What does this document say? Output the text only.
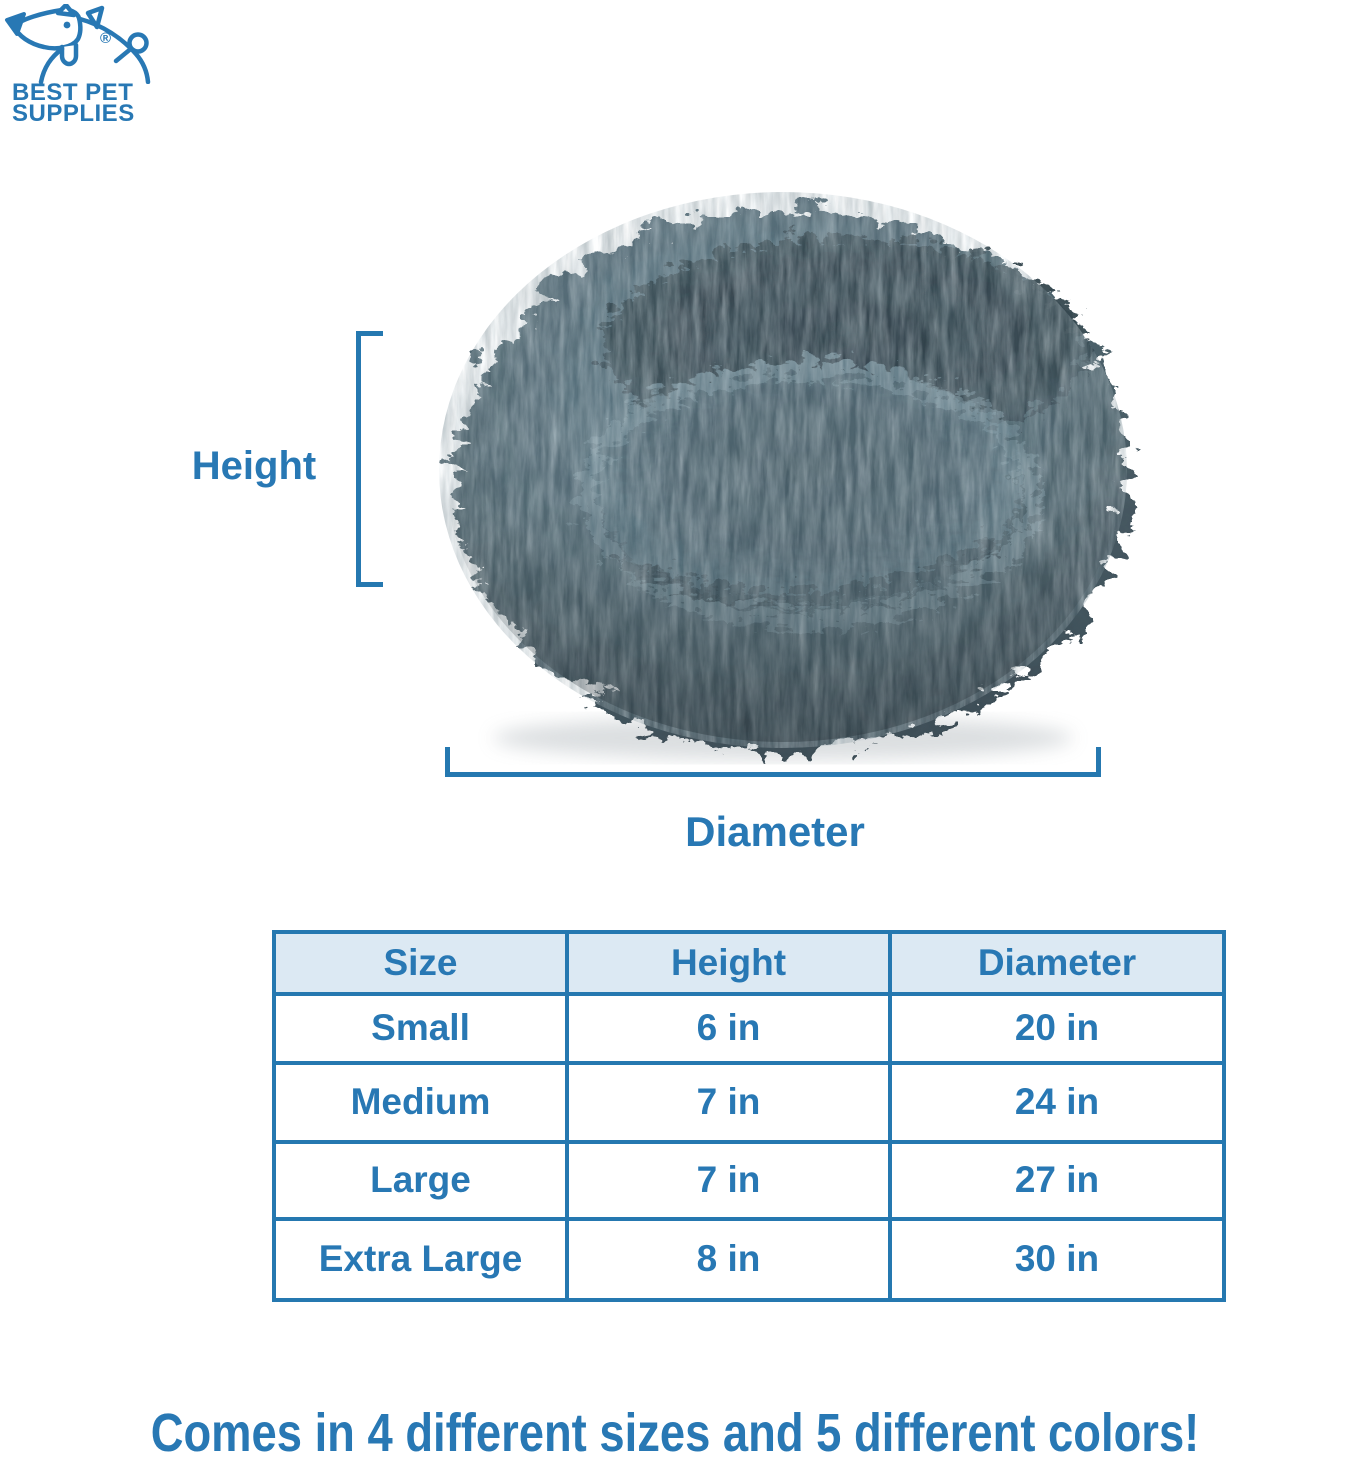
®
BEST PET
SUPPLIES
Height
Diameter
Size	Height	Diameter
Small	6 in	20 in
Medium	7 in	24 in
Large	7 in	27 in
Extra Large	8 in	30 in
Comes in 4 different sizes and 5 different colors!
